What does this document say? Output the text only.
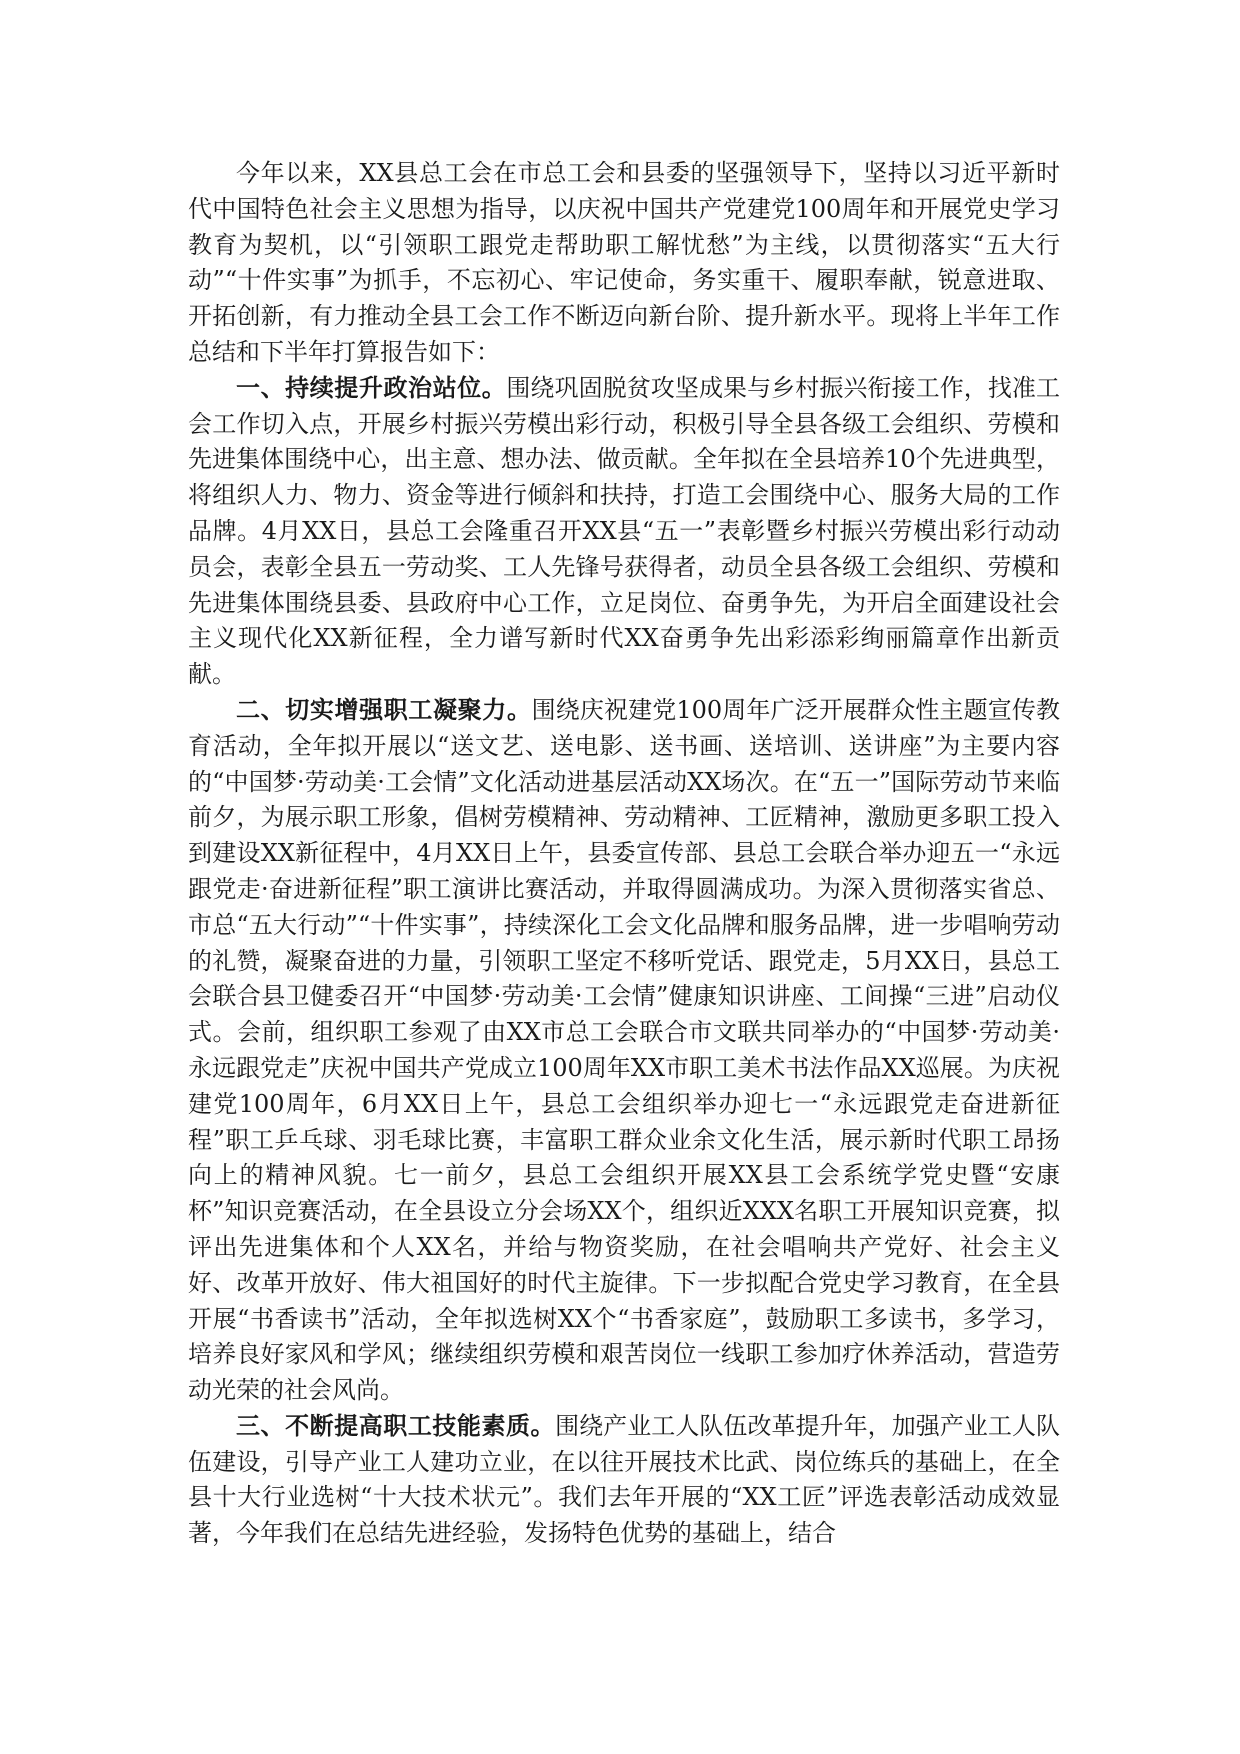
今年以来，XX县总工会在市总工会和县委的坚强领导下，坚持以习近平新时代中国特色社会主义思想为指导，以庆祝中国共产党建党100周年和开展党史学习教育为契机，以“引领职工跟党走帮助职工解忧愁”为主线，以贯彻落实“五大行动”“十件实事”为抓手，不忘初心、牢记使命，务实重干、履职奉献，锐意进取、开拓创新，有力推动全县工会工作不断迈向新台阶、提升新水平。现将上半年工作总结和下半年打算报告如下：

一、持续提升政治站位。围绕巩固脱贫攻坚成果与乡村振兴衔接工作，找准工会工作切入点，开展乡村振兴劳模出彩行动，积极引导全县各级工会组织、劳模和先进集体围绕中心，出主意、想办法、做贡献。全年拟在全县培养10个先进典型，将组织人力、物力、资金等进行倾斜和扶持，打造工会围绕中心、服务大局的工作品牌。4月XX日，县总工会隆重召开XX县“五一”表彰暨乡村振兴劳模出彩行动动员会，表彰全县五一劳动奖、工人先锋号获得者，动员全县各级工会组织、劳模和先进集体围绕县委、县政府中心工作，立足岗位、奋勇争先，为开启全面建设社会主义现代化XX新征程，全力谱写新时代XX奋勇争先出彩添彩绚丽篇章作出新贡献。

二、切实增强职工凝聚力。围绕庆祝建党100周年广泛开展群众性主题宣传教育活动，全年拟开展以“送文艺、送电影、送书画、送培训、送讲座”为主要内容的“中国梦·劳动美·工会情”文化活动进基层活动XX场次。在“五一”国际劳动节来临前夕，为展示职工形象，倡树劳模精神、劳动精神、工匠精神，激励更多职工投入到建设XX新征程中，4月XX日上午，县委宣传部、县总工会联合举办迎五一“永远跟党走·奋进新征程”职工演讲比赛活动，并取得圆满成功。为深入贯彻落实省总、市总“五大行动”“十件实事”，持续深化工会文化品牌和服务品牌，进一步唱响劳动的礼赞，凝聚奋进的力量，引领职工坚定不移听党话、跟党走，5月XX日，县总工会联合县卫健委召开“中国梦·劳动美·工会情”健康知识讲座、工间操“三进”启动仪式。会前，组织职工参观了由XX市总工会联合市文联共同举办的“中国梦·劳动美·永远跟党走”庆祝中国共产党成立100周年XX市职工美术书法作品XX巡展。为庆祝建党100周年，6月XX日上午，县总工会组织举办迎七一“永远跟党走奋进新征程”职工乒乓球、羽毛球比赛，丰富职工群众业余文化生活，展示新时代职工昂扬向上的精神风貌。七一前夕，县总工会组织开展XX县工会系统学党史暨“安康杯”知识竞赛活动，在全县设立分会场XX个，组织近XXX名职工开展知识竞赛，拟评出先进集体和个人XX名，并给与物资奖励，在社会唱响共产党好、社会主义好、改革开放好、伟大祖国好的时代主旋律。下一步拟配合党史学习教育，在全县开展“书香读书”活动，全年拟选树XX个“书香家庭”，鼓励职工多读书，多学习，培养良好家风和学风；继续组织劳模和艰苦岗位一线职工参加疗休养活动，营造劳动光荣的社会风尚。

三、不断提高职工技能素质。围绕产业工人队伍改革提升年，加强产业工人队伍建设，引导产业工人建功立业，在以往开展技术比武、岗位练兵的基础上，在全县十大行业选树“十大技术状元”。我们去年开展的“XX工匠”评选表彰活动成效显著，今年我们在总结先进经验，发扬特色优势的基础上，结合
